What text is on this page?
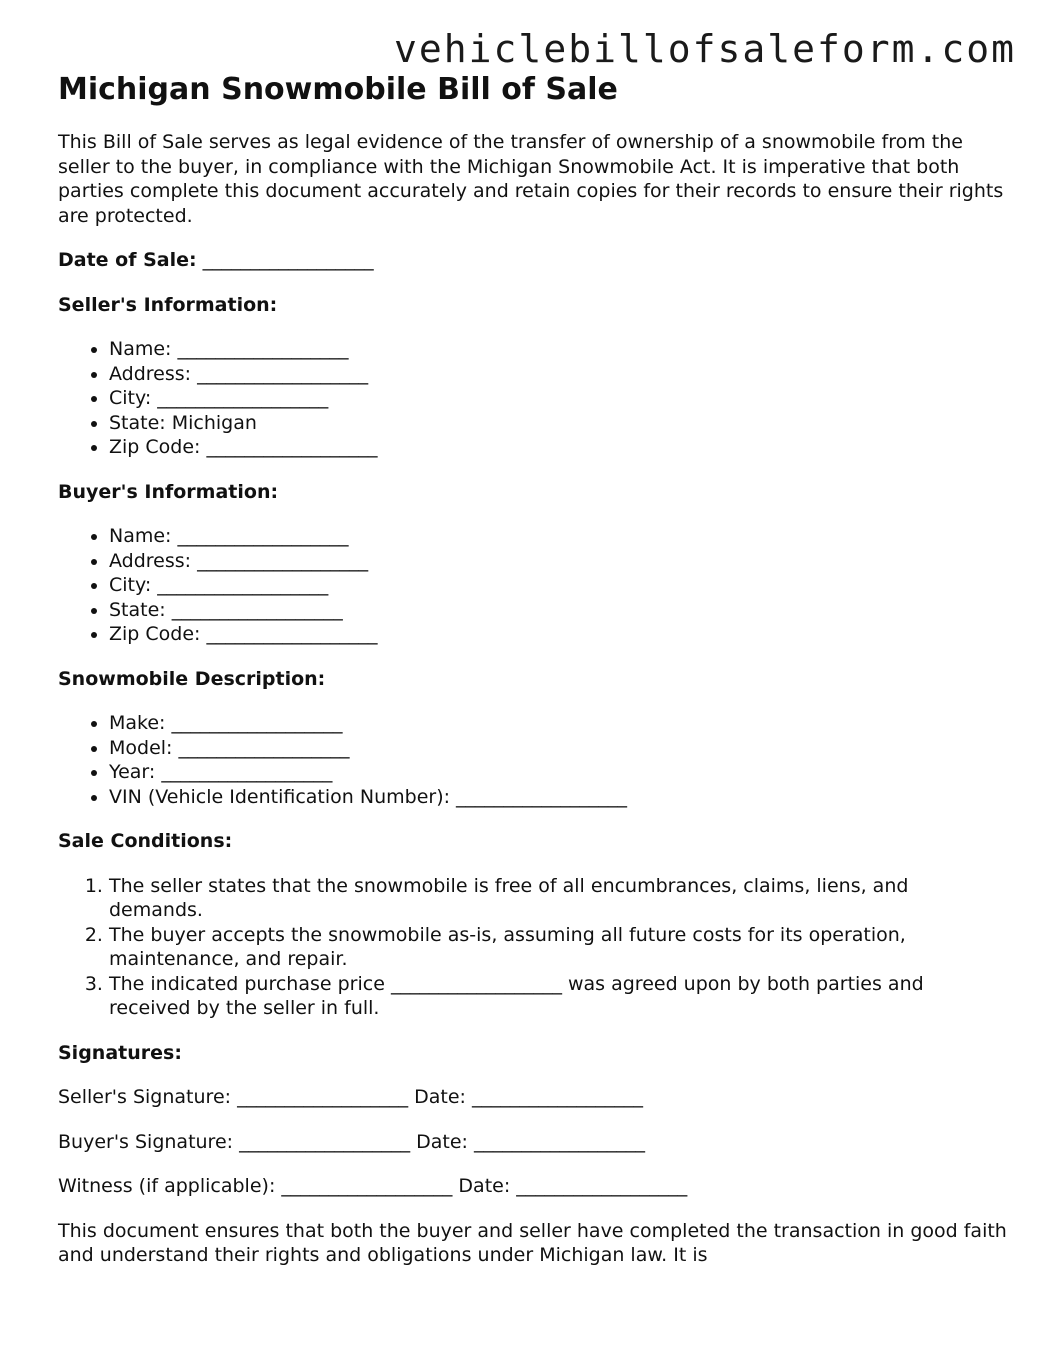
vehiclebillofsaleform.com
Michigan Snowmobile Bill of Sale

This Bill of Sale serves as legal evidence of the transfer of ownership of a snowmobile from the seller to the buyer, in compliance with the Michigan Snowmobile Act. It is imperative that both parties complete this document accurately and retain copies for their records to ensure their rights are protected.

Date of Sale: __________________

Seller's Information:
• Name: __________________
• Address: __________________
• City: __________________
• State: Michigan
• Zip Code: __________________
Buyer's Information:
• Name: __________________
• Address: __________________
• City: __________________
• State: __________________
• Zip Code: __________________
Snowmobile Description:
• Make: __________________
• Model: __________________
• Year: __________________
• VIN (Vehicle Identification Number): __________________
Sale Conditions:
1. The seller states that the snowmobile is free of all encumbrances, claims, liens, and demands.
2. The buyer accepts the snowmobile as-is, assuming all future costs for its operation, maintenance, and repair.
3. The indicated purchase price __________________ was agreed upon by both parties and received by the seller in full.
Signatures:

Seller's Signature: __________________ Date: __________________

Buyer's Signature: __________________ Date: __________________

Witness (if applicable): __________________ Date: __________________

This document ensures that both the buyer and seller have completed the transaction in good faith and understand their rights and obligations under Michigan law. It is
